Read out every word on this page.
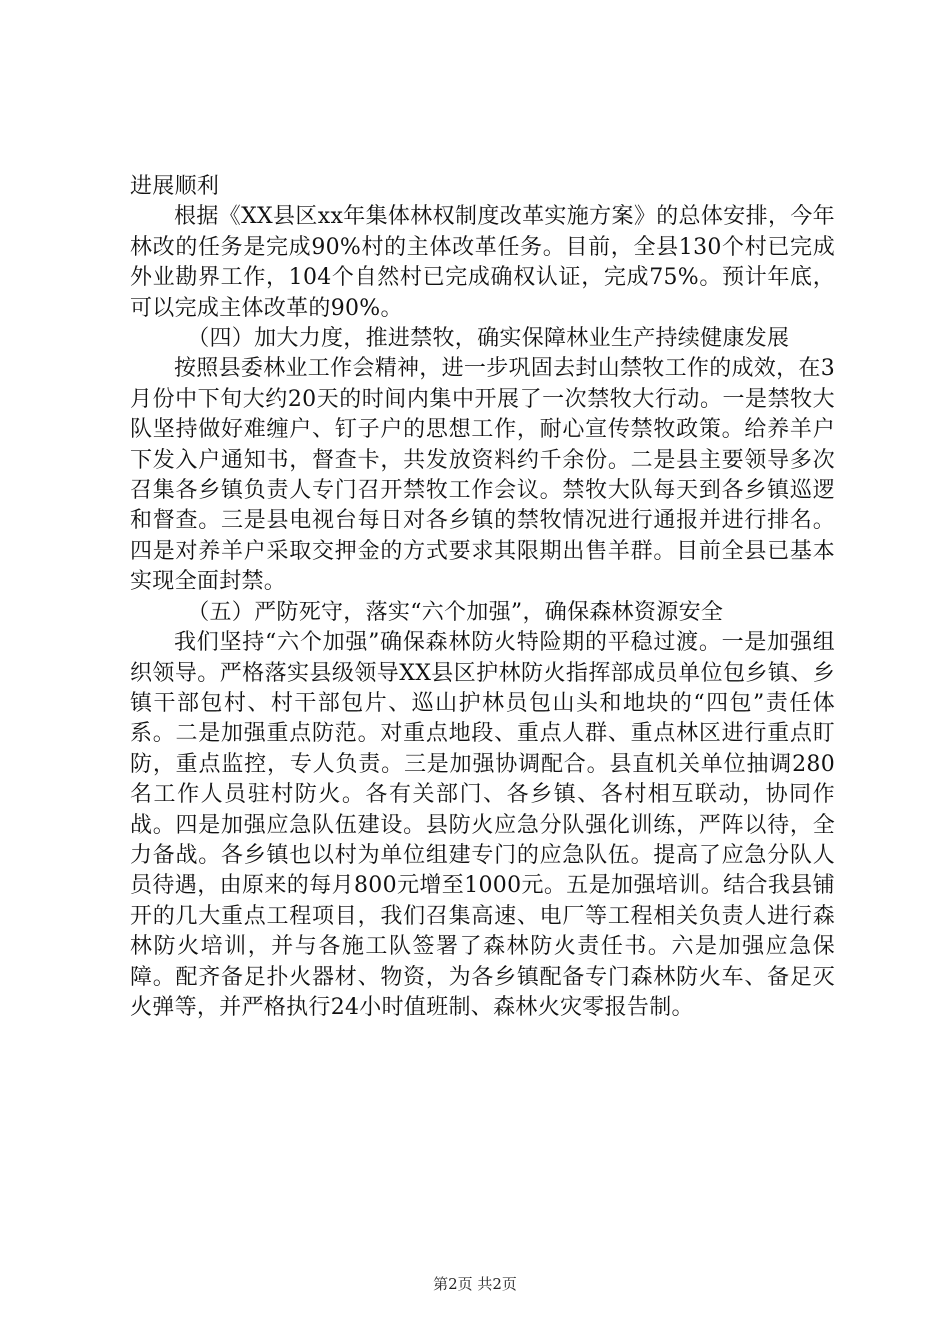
进展顺利

根据《XX县区xx年集体林权制度改革实施方案》的总体安排，今年林改的任务是完成90%村的主体改革任务。目前，全县130个村已完成外业勘界工作，104个自然村已完成确权认证，完成75%。预计年底，可以完成主体改革的90%。

（四）加大力度，推进禁牧，确实保障林业生产持续健康发展

按照县委林业工作会精神，进一步巩固去封山禁牧工作的成效，在3月份中下旬大约20天的时间内集中开展了一次禁牧大行动。一是禁牧大队坚持做好难缠户、钉子户的思想工作，耐心宣传禁牧政策。给养羊户下发入户通知书，督查卡，共发放资料约千余份。二是县主要领导多次召集各乡镇负责人专门召开禁牧工作会议。禁牧大队每天到各乡镇巡逻和督查。三是县电视台每日对各乡镇的禁牧情况进行通报并进行排名。四是对养羊户采取交押金的方式要求其限期出售羊群。目前全县已基本实现全面封禁。

（五）严防死守，落实“六个加强”，确保森林资源安全

我们坚持“六个加强”确保森林防火特险期的平稳过渡。一是加强组织领导。严格落实县级领导XX县区护林防火指挥部成员单位包乡镇、乡镇干部包村、村干部包片、巡山护林员包山头和地块的“四包”责任体系。二是加强重点防范。对重点地段、重点人群、重点林区进行重点盯防，重点监控，专人负责。三是加强协调配合。县直机关单位抽调280名工作人员驻村防火。各有关部门、各乡镇、各村相互联动，协同作战。四是加强应急队伍建设。县防火应急分队强化训练，严阵以待，全力备战。各乡镇也以村为单位组建专门的应急队伍。提高了应急分队人员待遇，由原来的每月800元增至1000元。五是加强培训。结合我县铺开的几大重点工程项目，我们召集高速、电厂等工程相关负责人进行森林防火培训，并与各施工队签署了森林防火责任书。六是加强应急保障。配齐备足扑火器材、物资，为各乡镇配备专门森林防火车、备足灭火弹等，并严格执行24小时值班制、森林火灾零报告制。

第2页 共2页
